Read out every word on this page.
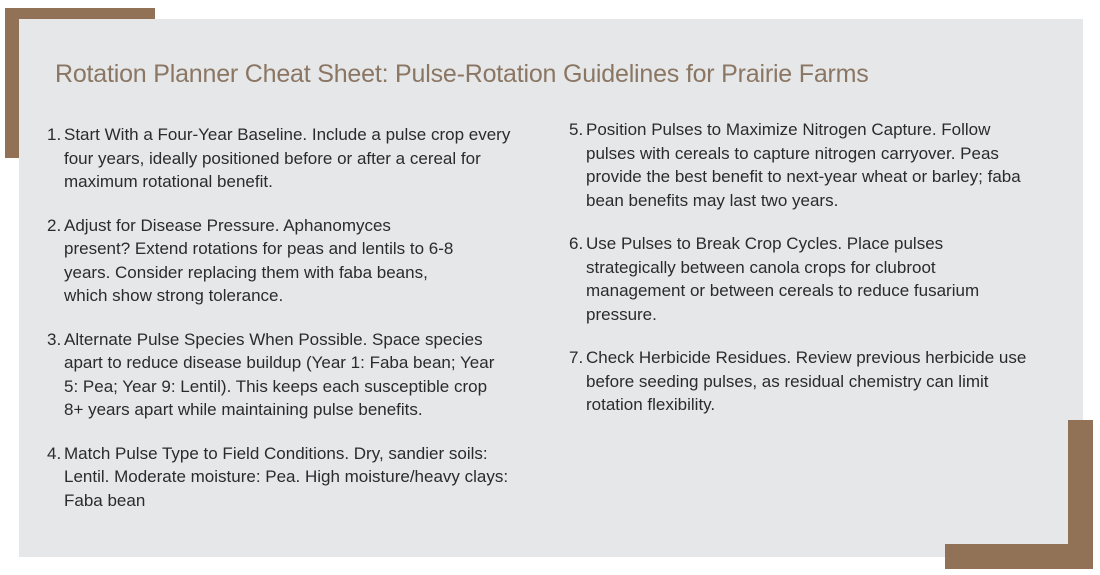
Rotation Planner Cheat Sheet: Pulse-Rotation Guidelines for Prairie Farms
1. Start With a Four-Year Baseline. Include a pulse crop every four years, ideally positioned before or after a cereal for maximum rotational benefit.
2. Adjust for Disease Pressure. Aphanomyces present? Extend rotations for peas and lentils to 6-8 years. Consider replacing them with faba beans, which show strong tolerance.
3. Alternate Pulse Species When Possible. Space species apart to reduce disease buildup (Year 1: Faba bean; Year 5: Pea; Year 9: Lentil). This keeps each susceptible crop 8+ years apart while maintaining pulse benefits.
4. Match Pulse Type to Field Conditions. Dry, sandier soils: Lentil. Moderate moisture: Pea. High moisture/heavy clays: Faba bean
5. Position Pulses to Maximize Nitrogen Capture. Follow pulses with cereals to capture nitrogen carryover. Peas provide the best benefit to next-year wheat or barley; faba bean benefits may last two years.
6. Use Pulses to Break Crop Cycles. Place pulses strategically between canola crops for clubroot management or between cereals to reduce fusarium pressure.
7. Check Herbicide Residues. Review previous herbicide use before seeding pulses, as residual chemistry can limit rotation flexibility.
